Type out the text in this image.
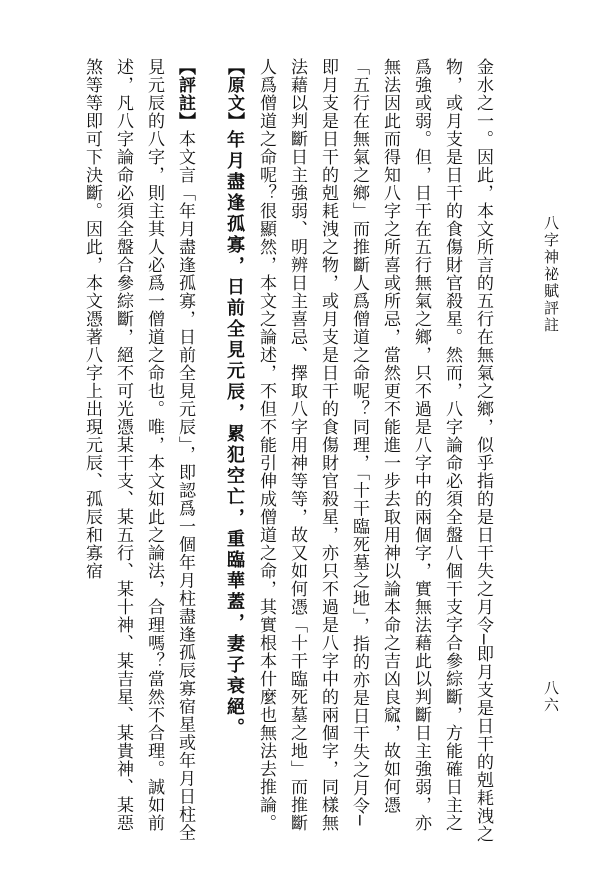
八字神祕賦評註
八六

金水之一。因此，本文所言的五行在無氣之鄉，似乎指的是日干失之月令─即月支是日干的剋耗洩之物，或月支是日干的食傷財官殺星。然而，八字論命必須全盤八個干支字合參綜斷，方能確日主之爲強或弱。但，日干在五行無氣之鄉，只不過是八字中的兩個字，實無法藉此以判斷日主強弱，亦無法因此而得知八字之所喜或所忌，當然更不能進一步去取用神以論本命之吉凶良窳，故如何憑「五行在無氣之鄉」而推斷人爲僧道之命呢？同理，「十干臨死墓之地」，指的亦是日干失之月令─即月支是日干的剋耗洩之物，或月支是日干的食傷財官殺星，亦只不過是八字中的兩個字，同樣無法藉以判斷日主強弱、明辨日主喜忌、擇取八字用神等等，故又如何憑「十干臨死墓之地」而推斷人爲僧道之命呢？很顯然，本文之論述，不但不能引伸成僧道之命，其實根本什麼也無法去推論。

【原文】年月盡逢孤寡，日前全見元辰，累犯空亡，重臨華蓋，妻子衰絕。

【評註】本文言「年月盡逢孤寡，日前全見元辰」，即認爲一個年月柱盡逢孤辰寡宿星或年月日柱全見元辰的八字，則主其人必爲一僧道之命也。唯，本文如此之論法，合理嗎？當然不合理。誠如前述，凡八字論命必須全盤合參綜斷，絕不可光憑某干支、某五行、某十神、某吉星、某貴神、某惡煞等等即可下決斷。因此，本文憑著八字上出現元辰、孤辰和寡宿
